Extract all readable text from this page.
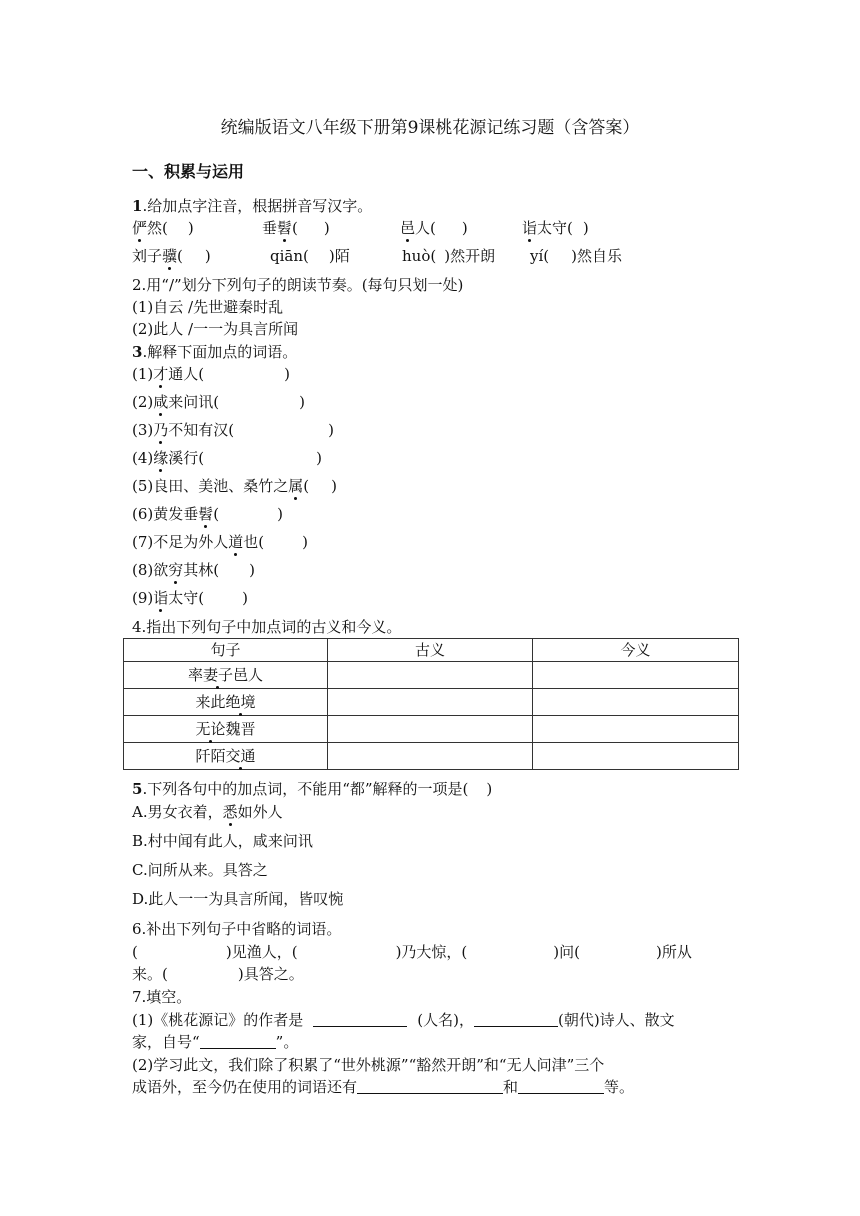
统编版语文八年级下册第9课桃花源记练习题（含答案）
一、积累与运用
1.给加点字注音，根据拼音写汉字。
俨然( )	垂髫( )	邑人( )	诣太守( )
刘子骥( )	qiān( )陌	huò( )然开朗 yí( )然自乐
2.用“/”划分下列句子的朗读节奏。(每句只划一处)
(1)自云 /先世避秦时乱
(2)此人 /一一为具言所闻
3.解释下面加点的词语。
(1)才通人(	)
(2)咸来问讯(	)
(3)乃不知有汉(	)
(4)缘溪行(	)
(5)良田、美池、桑竹之属( )
(6)黄发垂髫(	)
(7)不足为外人道也(	)
(8)欲穷其林( )
(9)诣太守(	)
4.指出下列句子中加点词的古义和今义。
句子	古义	今义
率妻子邑人		
来此绝境		
无论魏晋		
阡陌交通		
5.下列各句中的加点词，不能用“都”解释的一项是( )
A.男女衣着，悉如外人
B.村中闻有此人，咸来问讯
C.问所从来。具答之
D.此人一一为具言所闻，皆叹惋
6.补出下列句子中省略的词语。
(	)见渔人，(	)乃大惊，(	)问(	)所从
来。(	)具答之。
7.填空。
(1)《桃花源记》的作者是	(人名)，	(朝代)诗人、散文
家，自号“	”。
(2)学习此文，我们除了积累了“世外桃源”“豁然开朗”和“无人问津”三个
成语外，至今仍在使用的词语还有	和	等。
